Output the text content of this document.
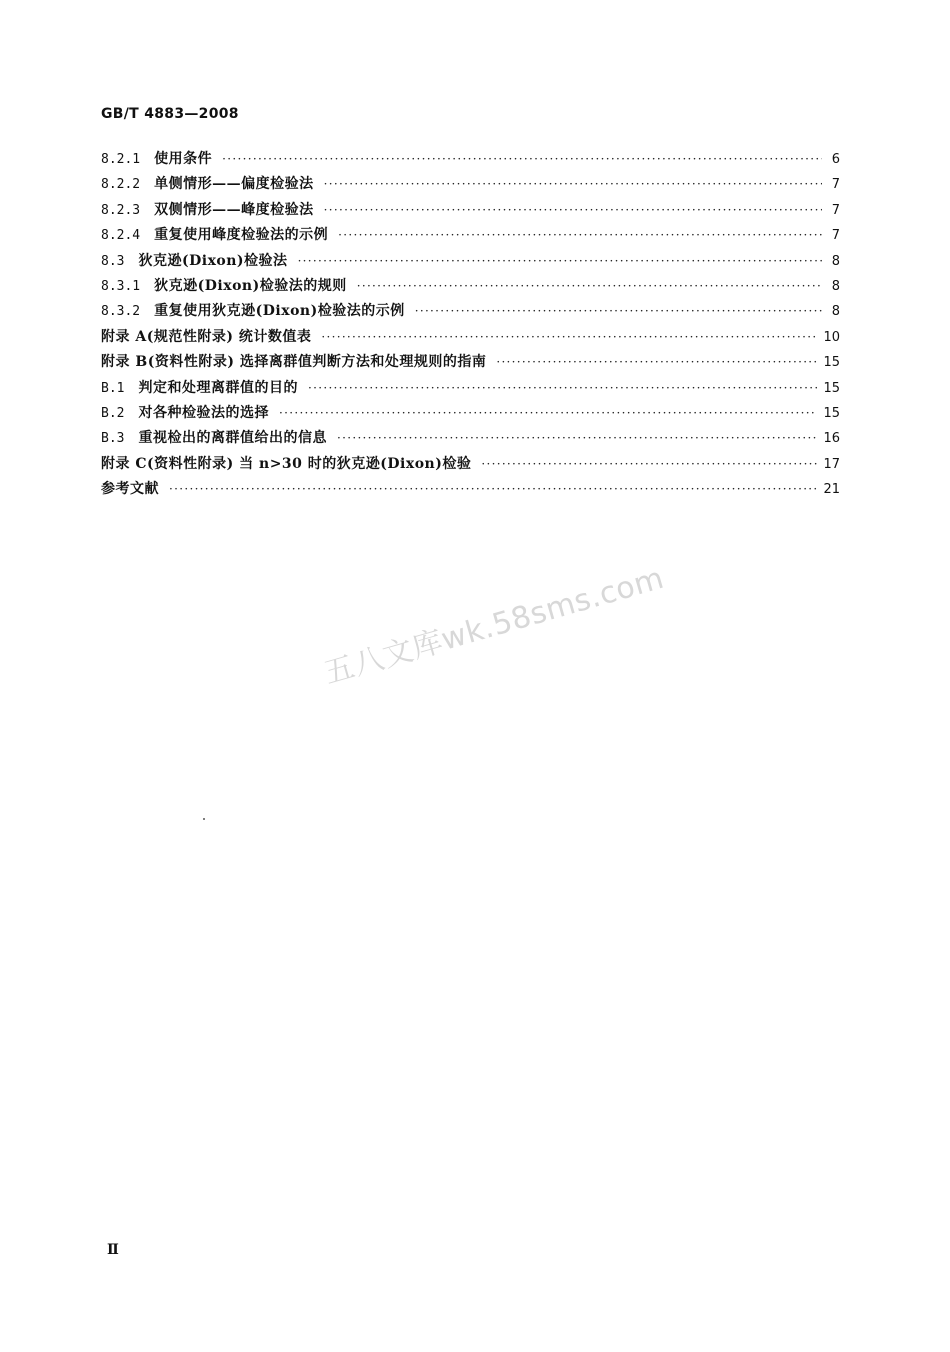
GB/T 4883—2008
8.2.1 使用条件 ·····	6
8.2.2 单侧情形——偏度检验法 ·····	7
8.2.3 双侧情形——峰度检验法 ·····	7
8.2.4 重复使用峰度检验法的示例 ·····	7
8.3 狄克逊(Dixon)检验法 ·····	8
8.3.1 狄克逊(Dixon)检验法的规则 ·····	8
8.3.2 重复使用狄克逊(Dixon)检验法的示例 ·····	8
附录 A(规范性附录) 统计数值表 ·····	10
附录 B(资料性附录) 选择离群值判断方法和处理规则的指南 ·····	15
B.1 判定和处理离群值的目的 ·····	15
B.2 对各种检验法的选择 ·····	15
B.3 重视检出的离群值给出的信息 ·····	16
附录 C(资料性附录) 当 n>30 时的狄克逊(Dixon)检验 ·····	17
参考文献 ·····	21
五八文库wk.58sms.com
Ⅱ
